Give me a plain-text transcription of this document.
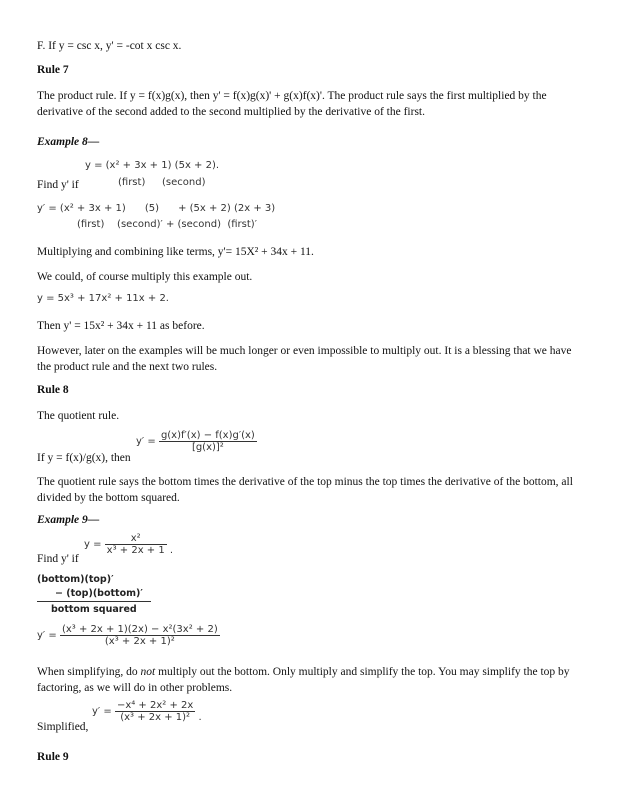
F. If y = csc x, y' = -cot x csc x.
Rule 7
The product rule. If y = f(x)g(x), then y' = f(x)g(x)' + g(x)f(x)'. The product rule says the first multiplied by the derivative of the second added to the second multiplied by the derivative of the first.
Example 8—
y = (x² + 3x + 1) (5x + 2).
Find y' if	(first) (second)
y′ = (x² + 3x + 1)      (5)      + (5x + 2) (2x + 3)
(first)    (second)′ + (second)  (first)′
Multiplying and combining like terms, y'= 15X² + 34x + 11.
We could, of course multiply this example out.
y = 5x³ + 17x² + 11x + 2.
Then y' = 15x² + 34x + 11 as before.
However, later on the examples will be much longer or even impossible to multiply out. It is a blessing that we have the product rule and the next two rules.
Rule 8
The quotient rule.
If y = f(x)/g(x), then
$y' = \frac{g(x)f'(x) - f(x)g'(x)}{\text{[g(x)]²}}$
The quotient rule says the bottom times the derivative of the top minus the top times the derivative of the bottom, all divided by the bottom squared.
Example 9—
Find y' if
$y = \frac{\text{x²}}{\text{x³ + 2x + 1}}$ .
(bottom)(top)′
− (top)(bottom)′
bottom squared
$y' = \frac{\text{(x³ + 2x + 1)(2x) − x²(3x² + 2)}}{\text{(x³ + 2x + 1)²}}$
When simplifying, do not multiply out the bottom. Only multiply and simplify the top. You may simplify the top by factoring, as we will do in other problems.
Simplified,
$y' = \frac{\text{−x⁴ + 2x² + 2x}}{\text{(x³ + 2x + 1)²}}$ .
Rule 9
